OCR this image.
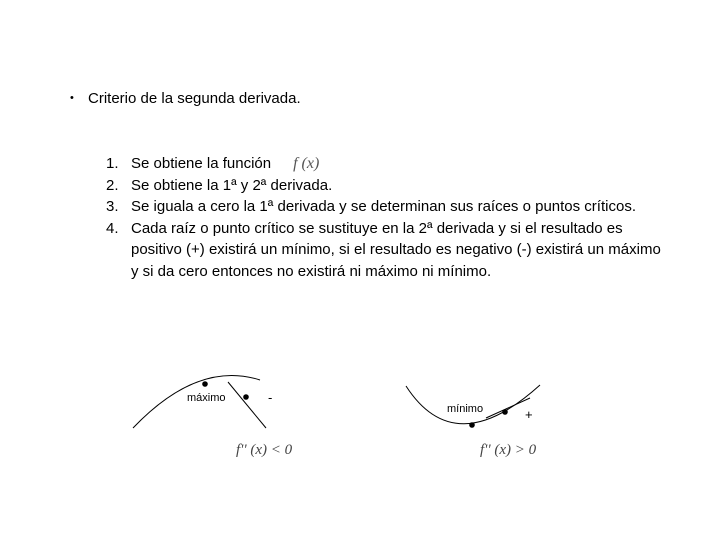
• Criterio de la segunda derivada.
1. Se obtiene la función f (x)
2. Se obtiene la 1ª y 2ª derivada.
3. Se iguala a cero la 1ª derivada y se determinan sus raíces o puntos críticos.
4. Cada raíz o punto crítico se sustituye en la 2ª derivada y si el resultado es positivo (+) existirá un mínimo, si el resultado es negativo (-) existirá un máximo y si da cero entonces no existirá ni máximo ni mínimo.
máximo	-
f'' (x) < 0
mínimo	+
f'' (x) > 0
